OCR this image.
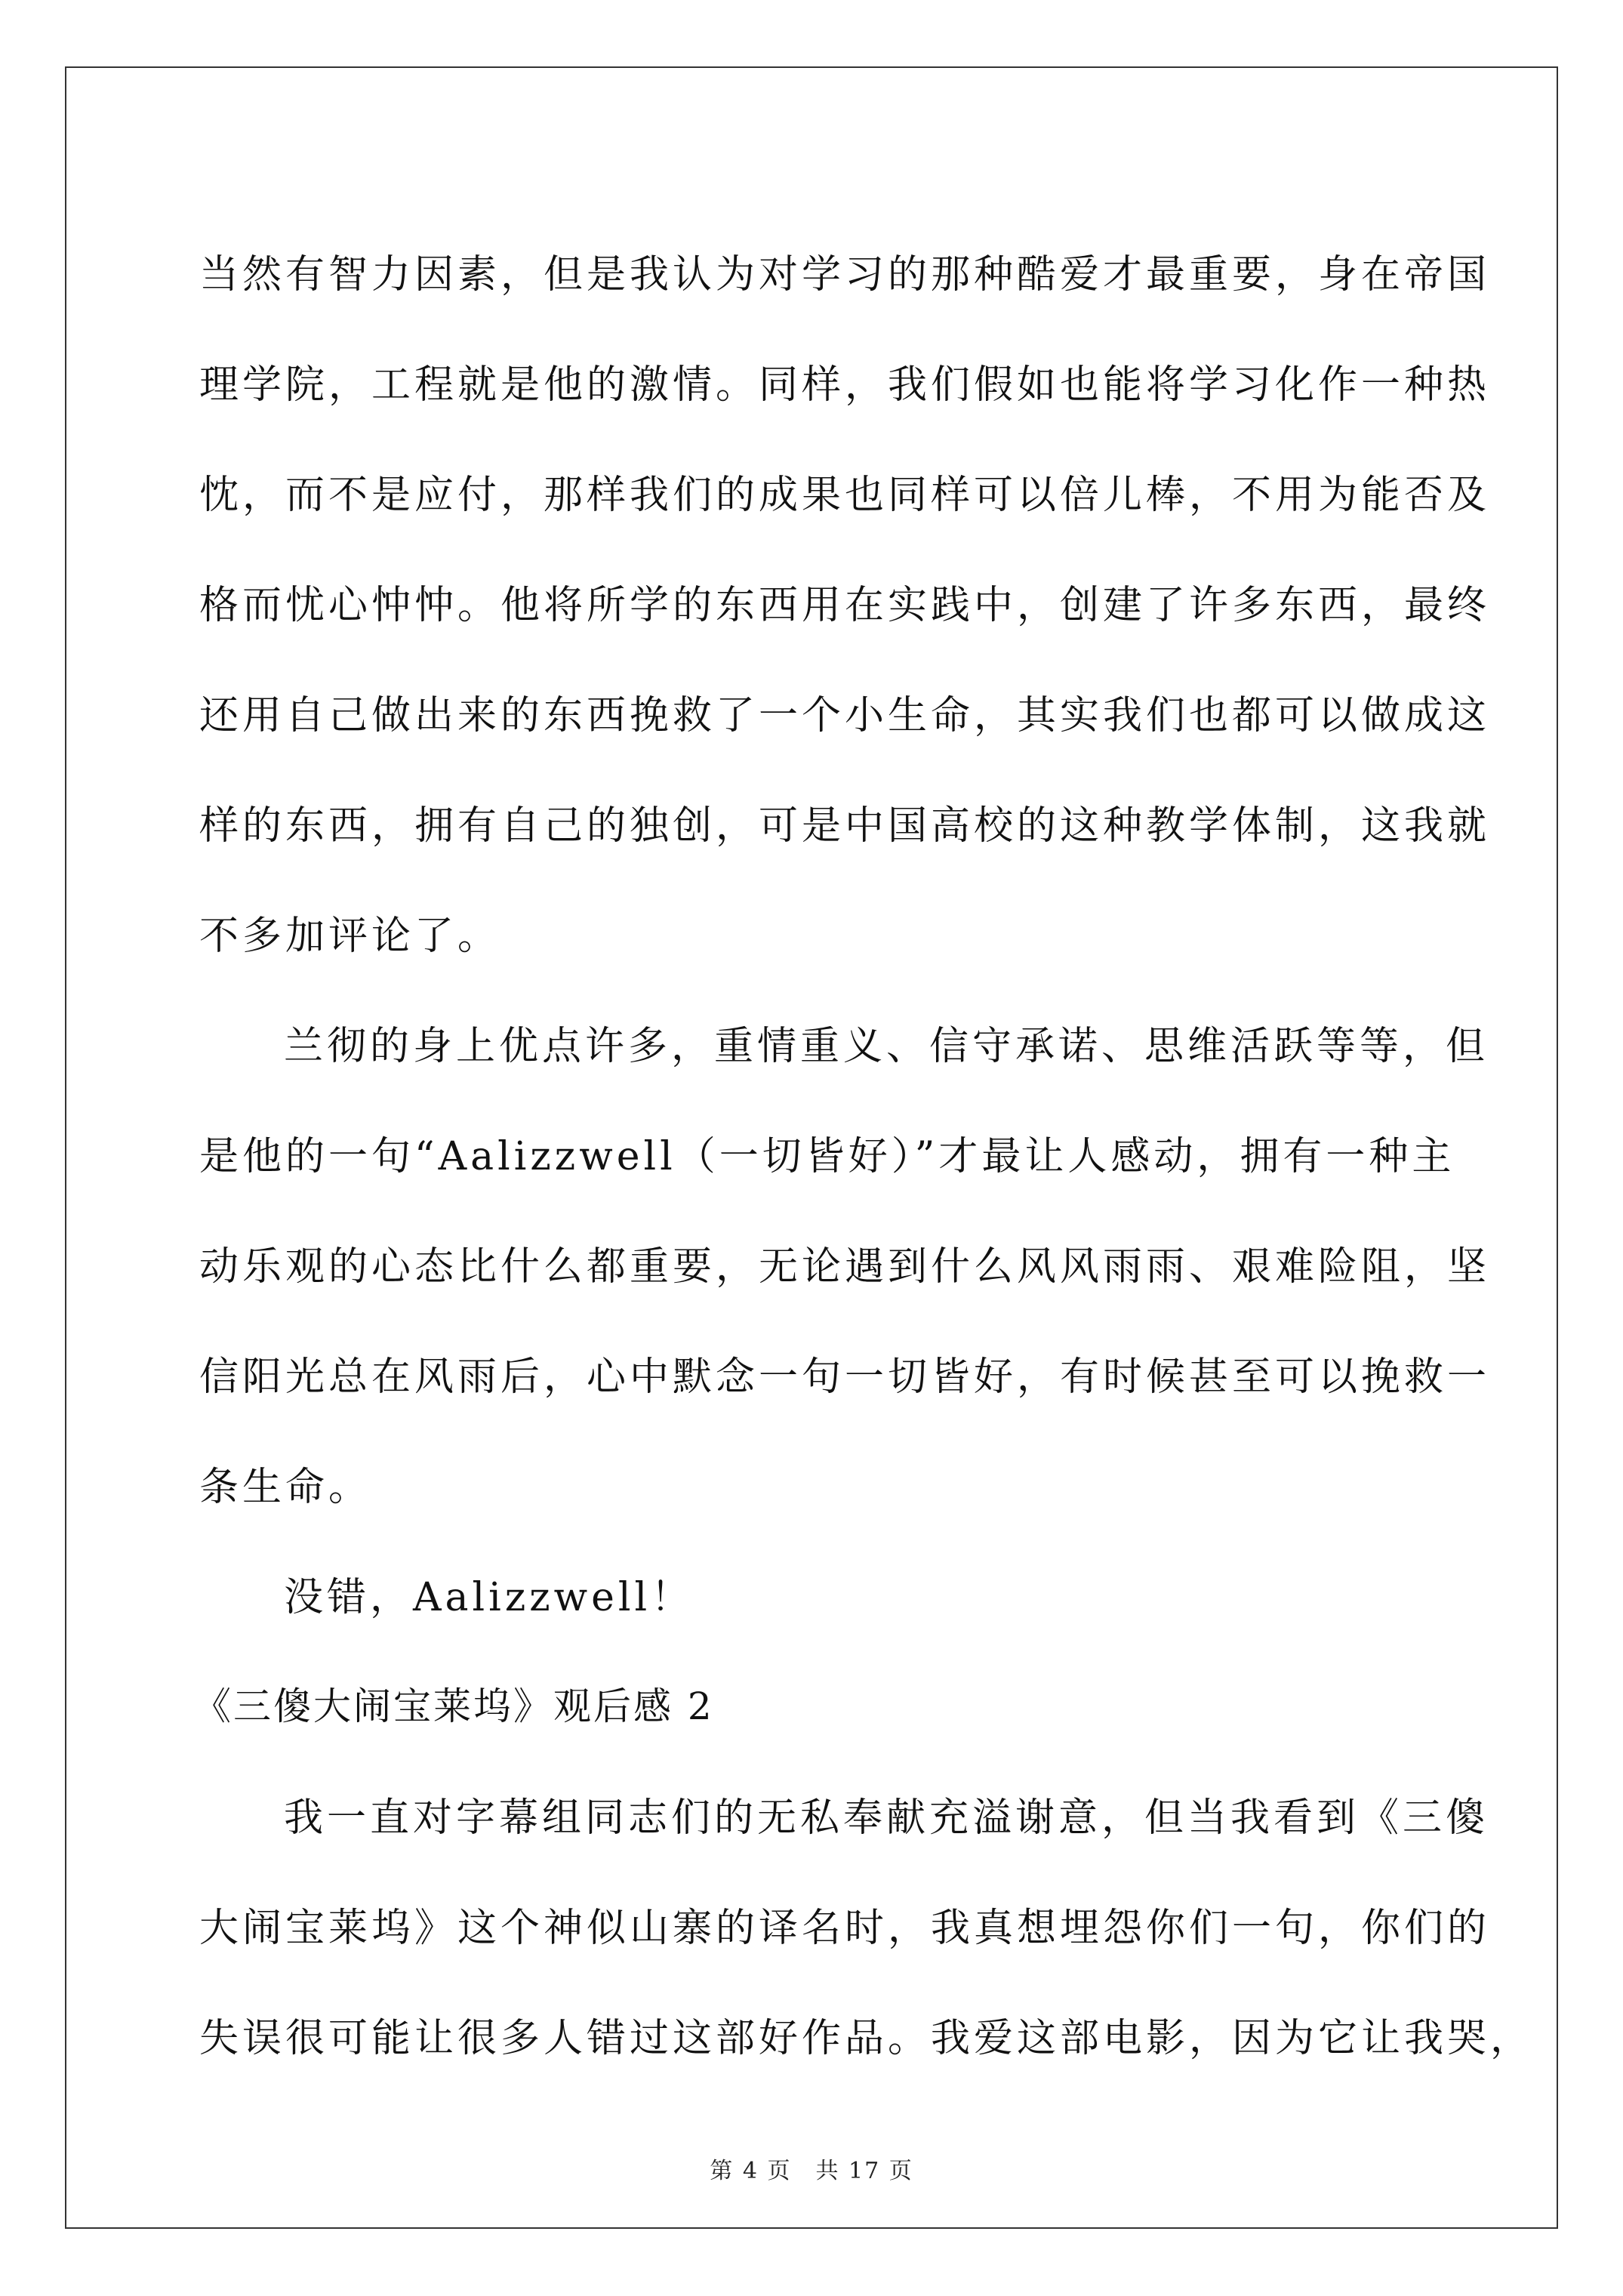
当然有智力因素，但是我认为对学习的那种酷爱才最重要，身在帝国
理学院，工程就是他的激情。同样，我们假如也能将学习化作一种热
忱，而不是应付，那样我们的成果也同样可以倍儿棒，不用为能否及
格而忧心忡忡。他将所学的东西用在实践中，创建了许多东西，最终
还用自己做出来的东西挽救了一个小生命，其实我们也都可以做成这
样的东西，拥有自己的独创，可是中国高校的这种教学体制，这我就
不多加评论了。
兰彻的身上优点许多，重情重义、信守承诺、思维活跃等等，但
是他的一句“Aalizzwell（一切皆好）”才最让人感动，拥有一种主
动乐观的心态比什么都重要，无论遇到什么风风雨雨、艰难险阻，坚
信阳光总在风雨后，心中默念一句一切皆好，有时候甚至可以挽救一
条生命。
没错，Aalizzwell！
《三傻大闹宝莱坞》观后感 2
我一直对字幕组同志们的无私奉献充溢谢意，但当我看到《三傻
大闹宝莱坞》这个神似山寨的译名时，我真想埋怨你们一句，你们的
失误很可能让很多人错过这部好作品。我爱这部电影，因为它让我哭，
第 4 页　共 17 页
